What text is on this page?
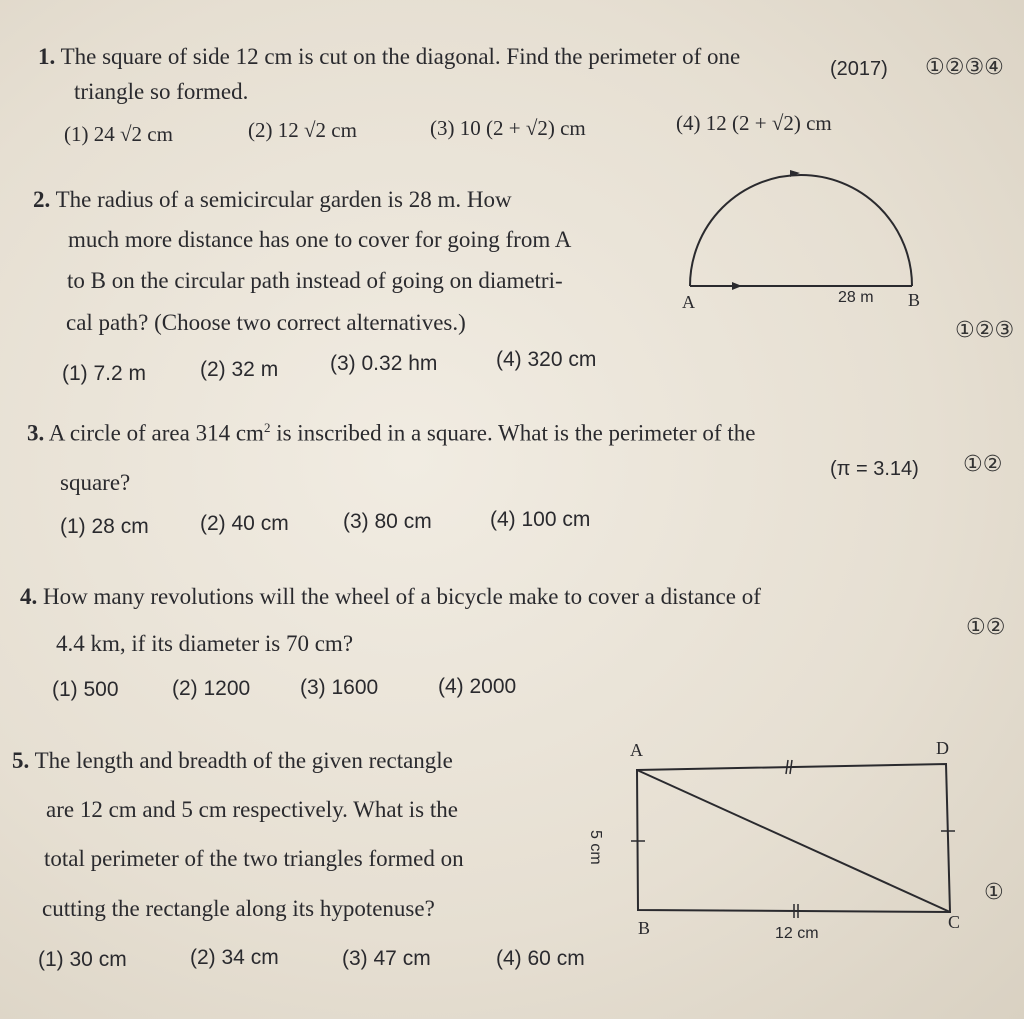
1. The square of side 12 cm is cut on the diagonal. Find the perimeter of one
triangle so formed.
(2017) ①②③④
(1) 24 √2 cm	(2) 12 √2 cm	(3) 10 (2 + √2) cm	(4) 12 (2 + √2) cm
2. The radius of a semicircular garden is 28 m. How
much more distance has one to cover for going from A
to B on the circular path instead of going on diametri-
cal path? (Choose two correct alternatives.)
A	B
28 m
①②③
(1) 7.2 m	(2) 32 m (3) 0.32 hm	(4) 320 cm
3. A circle of area 314 $cm^2$ is inscribed in a square. What is the perimeter of the
square?
(π = 3.14) ①②
(1) 28 cm (2) 40 cm	(3) 80 cm	(4) 100 cm
4. How many revolutions will the wheel of a bicycle make to cover a distance of
4.4 km, if its diameter is 70 cm?
①②
(1) 500	(2) 1200 (3) 1600	(4) 2000
5. The length and breadth of the given rectangle
are 12 cm and 5 cm respectively. What is the
total perimeter of the two triangles formed on
cutting the rectangle along its hypotenuse?
A	D
B	C
12 cm
5 cm
①
(1) 30 cm	(2) 34 cm	(3) 47 cm	(4) 60 cm
